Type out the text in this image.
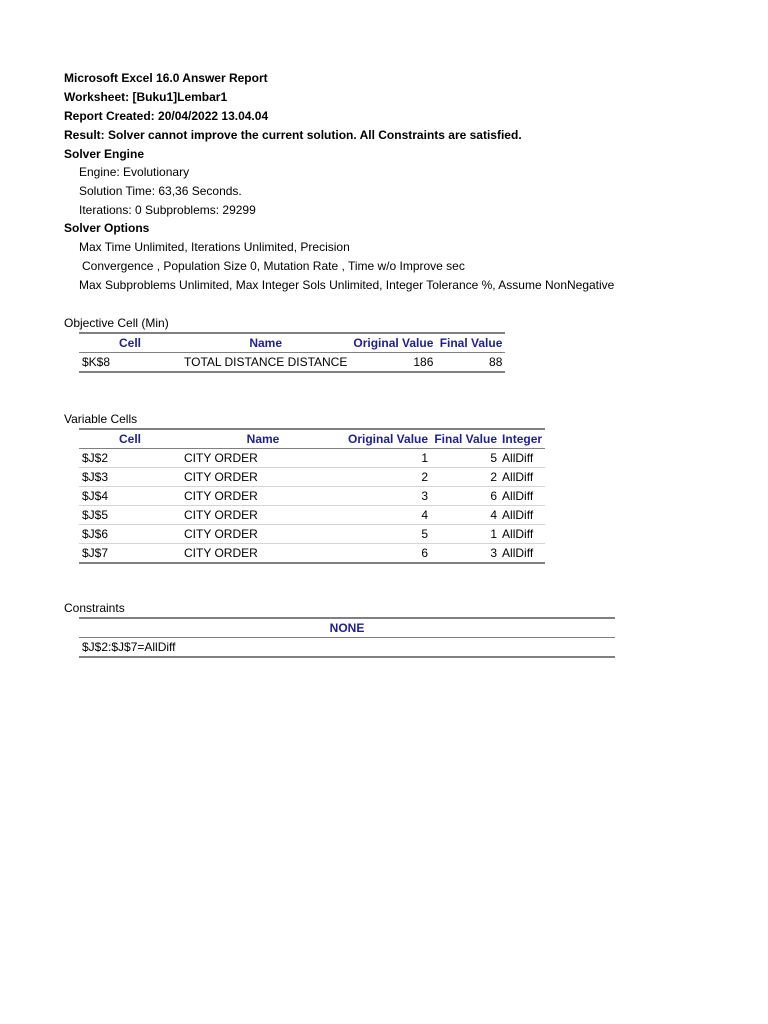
Microsoft Excel 16.0 Answer Report
Worksheet: [Buku1]Lembar1
Report Created: 20/04/2022 13.04.04
Result: Solver cannot improve the current solution. All Constraints are satisfied.
Solver Engine
Engine: Evolutionary
Solution Time: 63,36 Seconds.
Iterations: 0 Subproblems: 29299
Solver Options
Max Time Unlimited, Iterations Unlimited, Precision
Convergence , Population Size 0, Mutation Rate , Time w/o Improve sec
Max Subproblems Unlimited, Max Integer Sols Unlimited, Integer Tolerance %, Assume NonNegative
Objective Cell (Min)
Cell	Name	Original Value	Final Value
$K$8	TOTAL DISTANCE DISTANCE	186	88
Variable Cells
Cell	Name	Original Value	Final Value	Integer
$J$2	CITY ORDER	1	5	AllDiff
$J$3	CITY ORDER	2	2	AllDiff
$J$4	CITY ORDER	3	6	AllDiff
$J$5	CITY ORDER	4	4	AllDiff
$J$6	CITY ORDER	5	1	AllDiff
$J$7	CITY ORDER	6	3	AllDiff
Constraints
NONE
$J$2:$J$7=AllDiff
